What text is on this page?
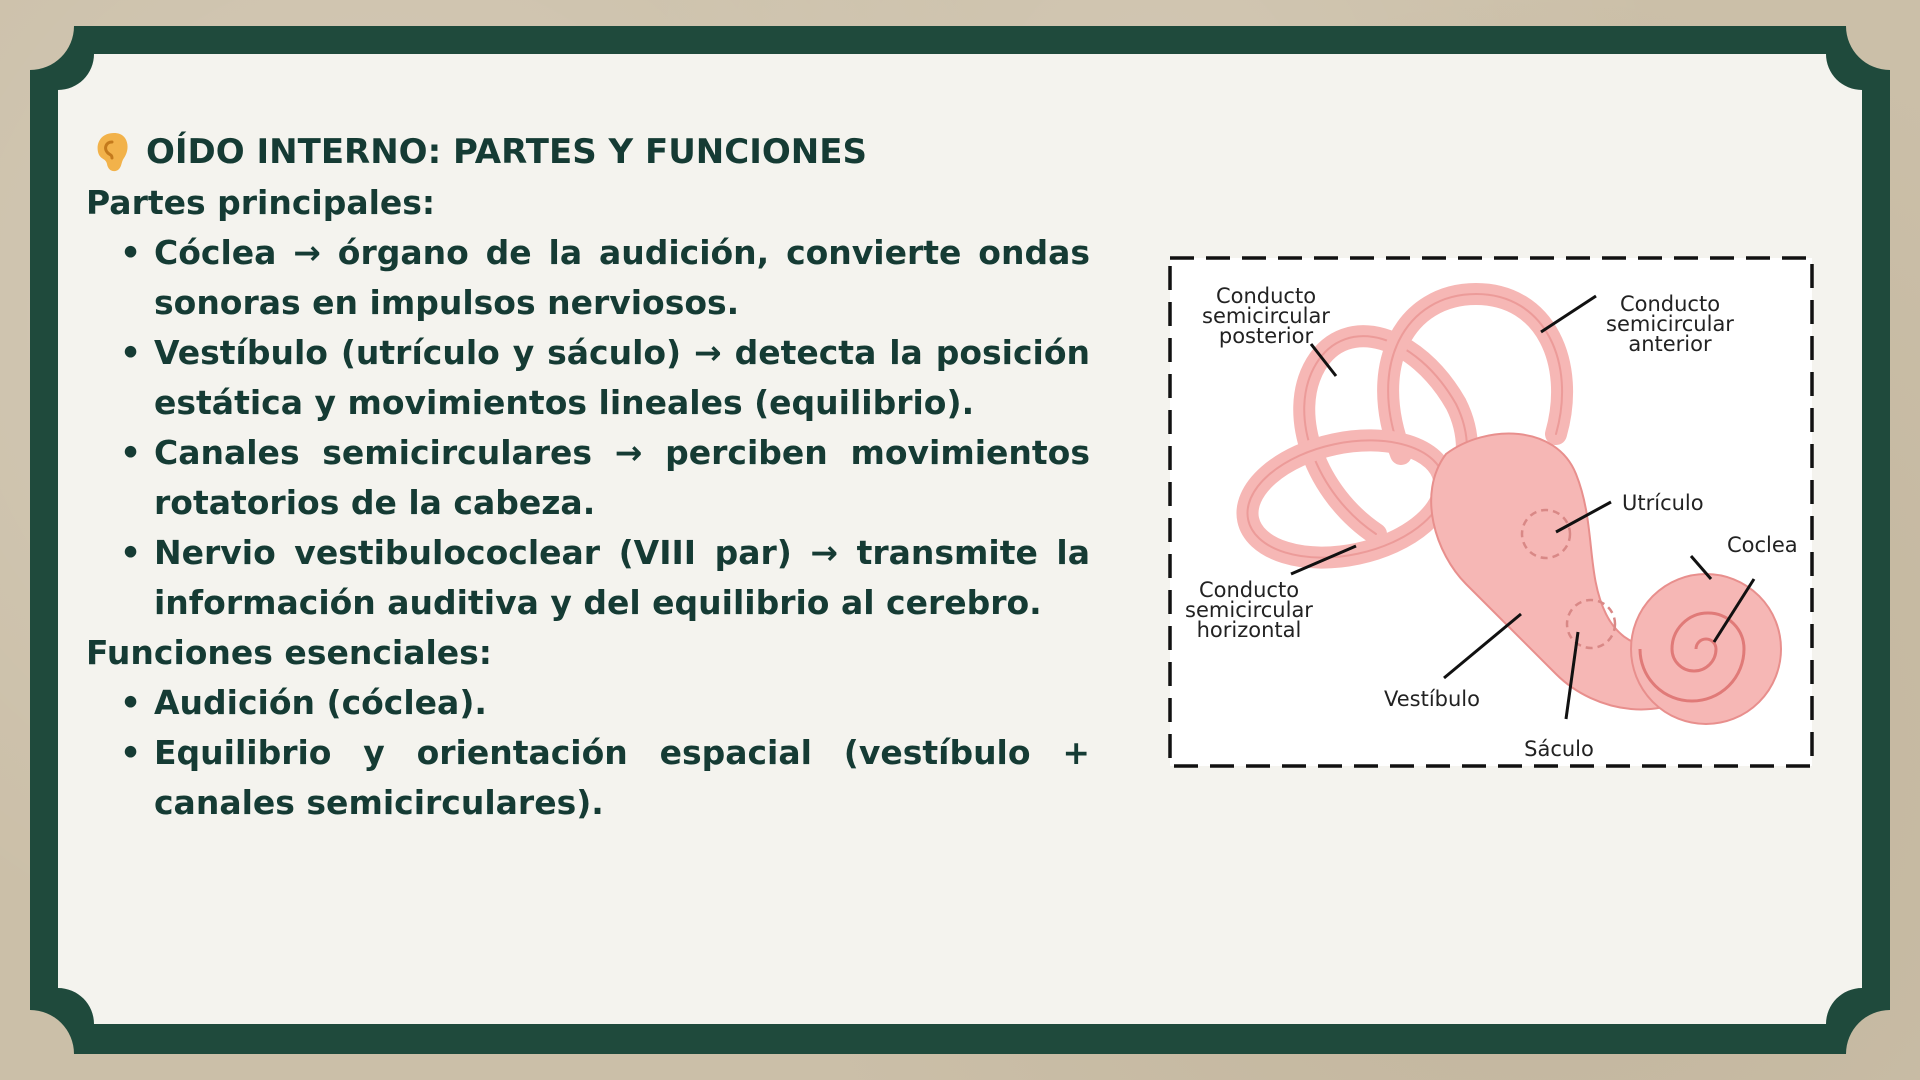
OÍDO INTERNO: PARTES Y FUNCIONES
Partes principales:
• Cóclea → órgano de la audición, convierte ondas sonoras en impulsos nerviosos.
• Vestíbulo (utrículo y sáculo) → detecta la posición estática y movimientos lineales (equilibrio).
• Canales semicirculares → perciben movimientos rotatorios de la cabeza.
• Nervio vestibulococlear (VIII par) → transmite la información auditiva y del equilibrio al cerebro.
Funciones esenciales:
• Audición (cóclea).
• Equilibrio y orientación espacial (vestíbulo + canales semicirculares).
Conducto
semicircular
posterior
Conducto
semicircular
anterior
Conducto
semicircular
horizontal
Utrículo
Coclea
Vestíbulo
Sáculo
